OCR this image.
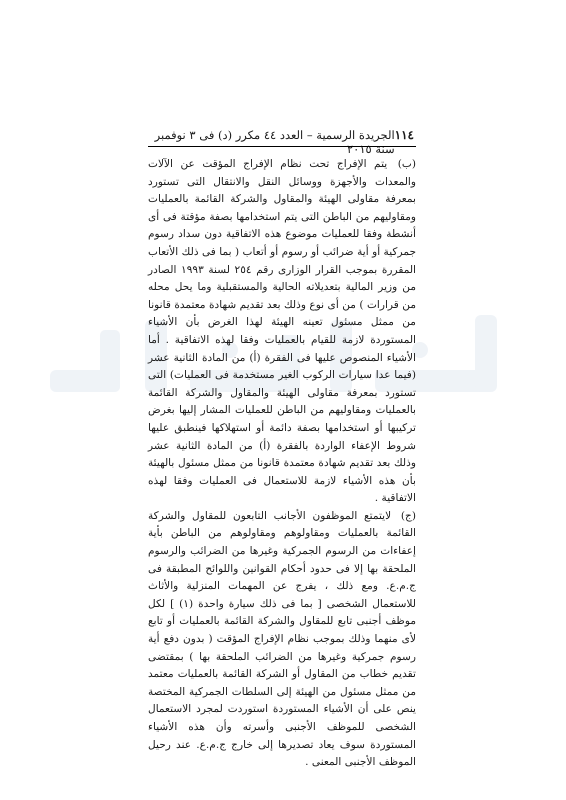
١١٤
الجريدة الرسمية – العدد ٤٤ مكرر (د) فى ٣ نوفمبر سنة ٢٠١٥

(ب) يتم الإفراج تحت نظام الإفراج المؤقت عن الآلات والمعدات والأجهزة ووسائل النقل والانتقال التى تستورد بمعرفة مقاولى الهيئة والمقاول والشركة القائمة بالعمليات ومقاوليهم من الباطن التى يتم استخدامها بصفة مؤقتة فى أى أنشطة وفقا للعمليات موضوع هذه الاتفاقية دون سداد رسوم جمركية أو أية ضرائب أو رسوم أو أتعاب ( بما فى ذلك الأتعاب المقررة بموجب القرار الوزارى رقم ٢٥٤ لسنة ١٩٩٣ الصادر من وزير المالية بتعديلاته الحالية والمستقبلية وما يحل محله من قرارات ) من أى نوع وذلك بعد تقديم شهادة معتمدة قانونا من ممثل مسئول تعينه الهيئة لهذا الغرض بأن الأشياء المستوردة لازمة للقيام بالعمليات وفقا لهذه الاتفاقية . أما الأشياء المنصوص عليها فى الفقرة (أ) من المادة الثانية عشر (فيما عدا سيارات الركوب الغير مستخدمة فى العمليات) التى تستورد بمعرفة مقاولى الهيئة والمقاول والشركة القائمة بالعمليات ومقاوليهم من الباطن للعمليات المشار إليها بغرض تركيبها أو استخدامها بصفة دائمة أو استهلاكها فينطبق عليها شروط الإعفاء الواردة بالفقرة (أ) من المادة الثانية عشر وذلك بعد تقديم شهادة معتمدة قانونا من ممثل مسئول بالهيئة بأن هذه الأشياء لازمة للاستعمال فى العمليات وفقا لهذه الاتفاقية .

(ج) لايتمتع الموظفون الأجانب التابعون للمقاول والشركة القائمة بالعمليات ومقاولوهم ومقاولوهم من الباطن بأية إعفاءات من الرسوم الجمركية وغيرها من الضرائب والرسوم الملحقة بها إلا فى حدود أحكام القوانين واللوائح المطبقة فى ج.م.ع. ومع ذلك ، يفرج عن المهمات المنزلية والأثاث للاستعمال الشخصى [ بما فى ذلك سيارة واحدة (١) ] لكل موظف أجنبى تابع للمقاول والشركة القائمة بالعمليات أو تابع لأى منهما وذلك بموجب نظام الإفراج المؤقت ( بدون دفع أية رسوم جمركية وغيرها من الضرائب الملحقة بها ) بمقتضى تقديم خطاب من المقاول أو الشركة القائمة بالعمليات معتمد من ممثل مسئول من الهيئة إلى السلطات الجمركية المختصة ينص على أن الأشياء المستوردة استوردت لمجرد الاستعمال الشخصى للموظف الأجنبى وأسرته وأن هذه الأشياء المستوردة سوف يعاد تصديرها إلى خارج ج.م.ع. عند رحيل الموظف الأجنبى المعنى .
